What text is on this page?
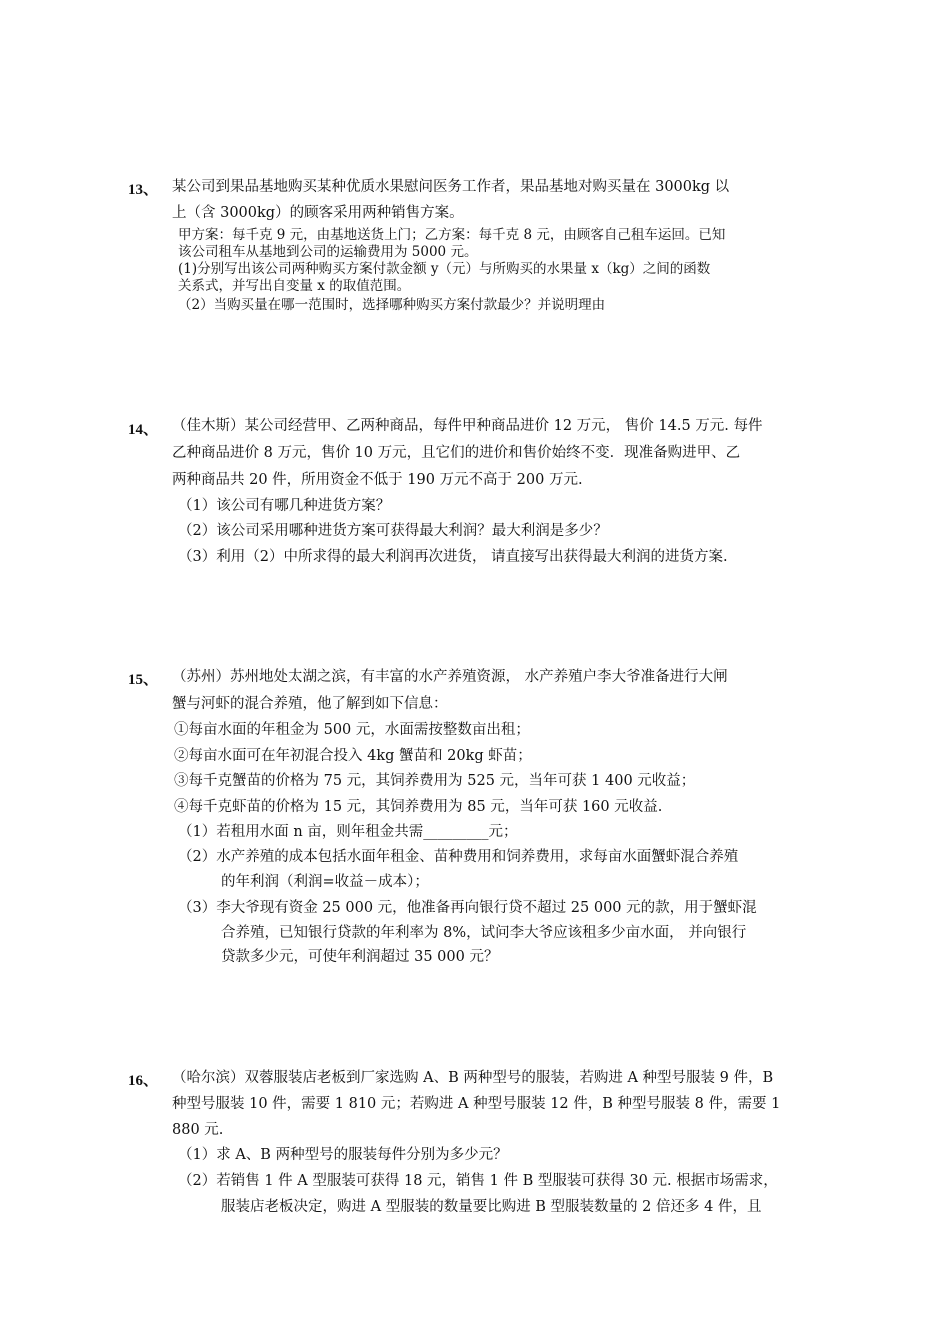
13、 某公司到果品基地购买某种优质水果慰问医务工作者，果品基地对购买量在 3000kg 以
上（含 3000kg）的顾客采用两种销售方案。
甲方案：每千克 9 元，由基地送货上门；乙方案：每千克 8 元，由顾客自己租车运回。已知
该公司租车从基地到公司的运输费用为 5000 元。
(1)分别写出该公司两种购买方案付款金额 y（元）与所购买的水果量 x（kg）之间的函数
关系式，并写出自变量 x 的取值范围。
（2）当购买量在哪一范围时，选择哪种购买方案付款最少？并说明理由
14、 （佳木斯）某公司经营甲、乙两种商品，每件甲种商品进价 12 万元， 售价 14.5 万元. 每件
乙种商品进价 8 万元，售价 10 万元，且它们的进价和售价始终不变．现准备购进甲、乙
两种商品共 20 件，所用资金不低于 190 万元不高于 200 万元.
（1）该公司有哪几种进货方案？
（2）该公司采用哪种进货方案可获得最大利润？最大利润是多少？
（3）利用（2）中所求得的最大利润再次进货， 请直接写出获得最大利润的进货方案.
15、 （苏州）苏州地处太湖之滨，有丰富的水产养殖资源， 水产养殖户李大爷准备进行大闸
蟹与河虾的混合养殖，他了解到如下信息：
①每亩水面的年租金为 500 元，水面需按整数亩出租；
②每亩水面可在年初混合投入 4kg 蟹苗和 20kg 虾苗；
③每千克蟹苗的价格为 75 元，其饲养费用为 525 元，当年可获 1 400 元收益；
④每千克虾苗的价格为 15 元，其饲养费用为 85 元，当年可获 160 元收益.
（1）若租用水面 n 亩，则年租金共需_________元；
（2）水产养殖的成本包括水面年租金、苗种费用和饲养费用，求每亩水面蟹虾混合养殖
的年利润（利润=收益－成本）；
（3）李大爷现有资金 25 000 元，他准备再向银行贷不超过 25 000 元的款，用于蟹虾混
合养殖，已知银行贷款的年利率为 8%，试问李大爷应该租多少亩水面， 并向银行
贷款多少元，可使年利润超过 35 000 元？
16、 （哈尔滨）双蓉服装店老板到厂家选购 A、B 两种型号的服装，若购进 A 种型号服装 9 件，B
种型号服装 10 件，需要 1 810 元；若购进 A 种型号服装 12 件，B 种型号服装 8 件，需要 1
880 元.
（1）求 A、B 两种型号的服装每件分别为多少元？
（2）若销售 1 件 A 型服装可获得 18 元，销售 1 件 B 型服装可获得 30 元. 根据市场需求，
服装店老板决定，购进 A 型服装的数量要比购进 B 型服装数量的 2 倍还多 4 件，且
